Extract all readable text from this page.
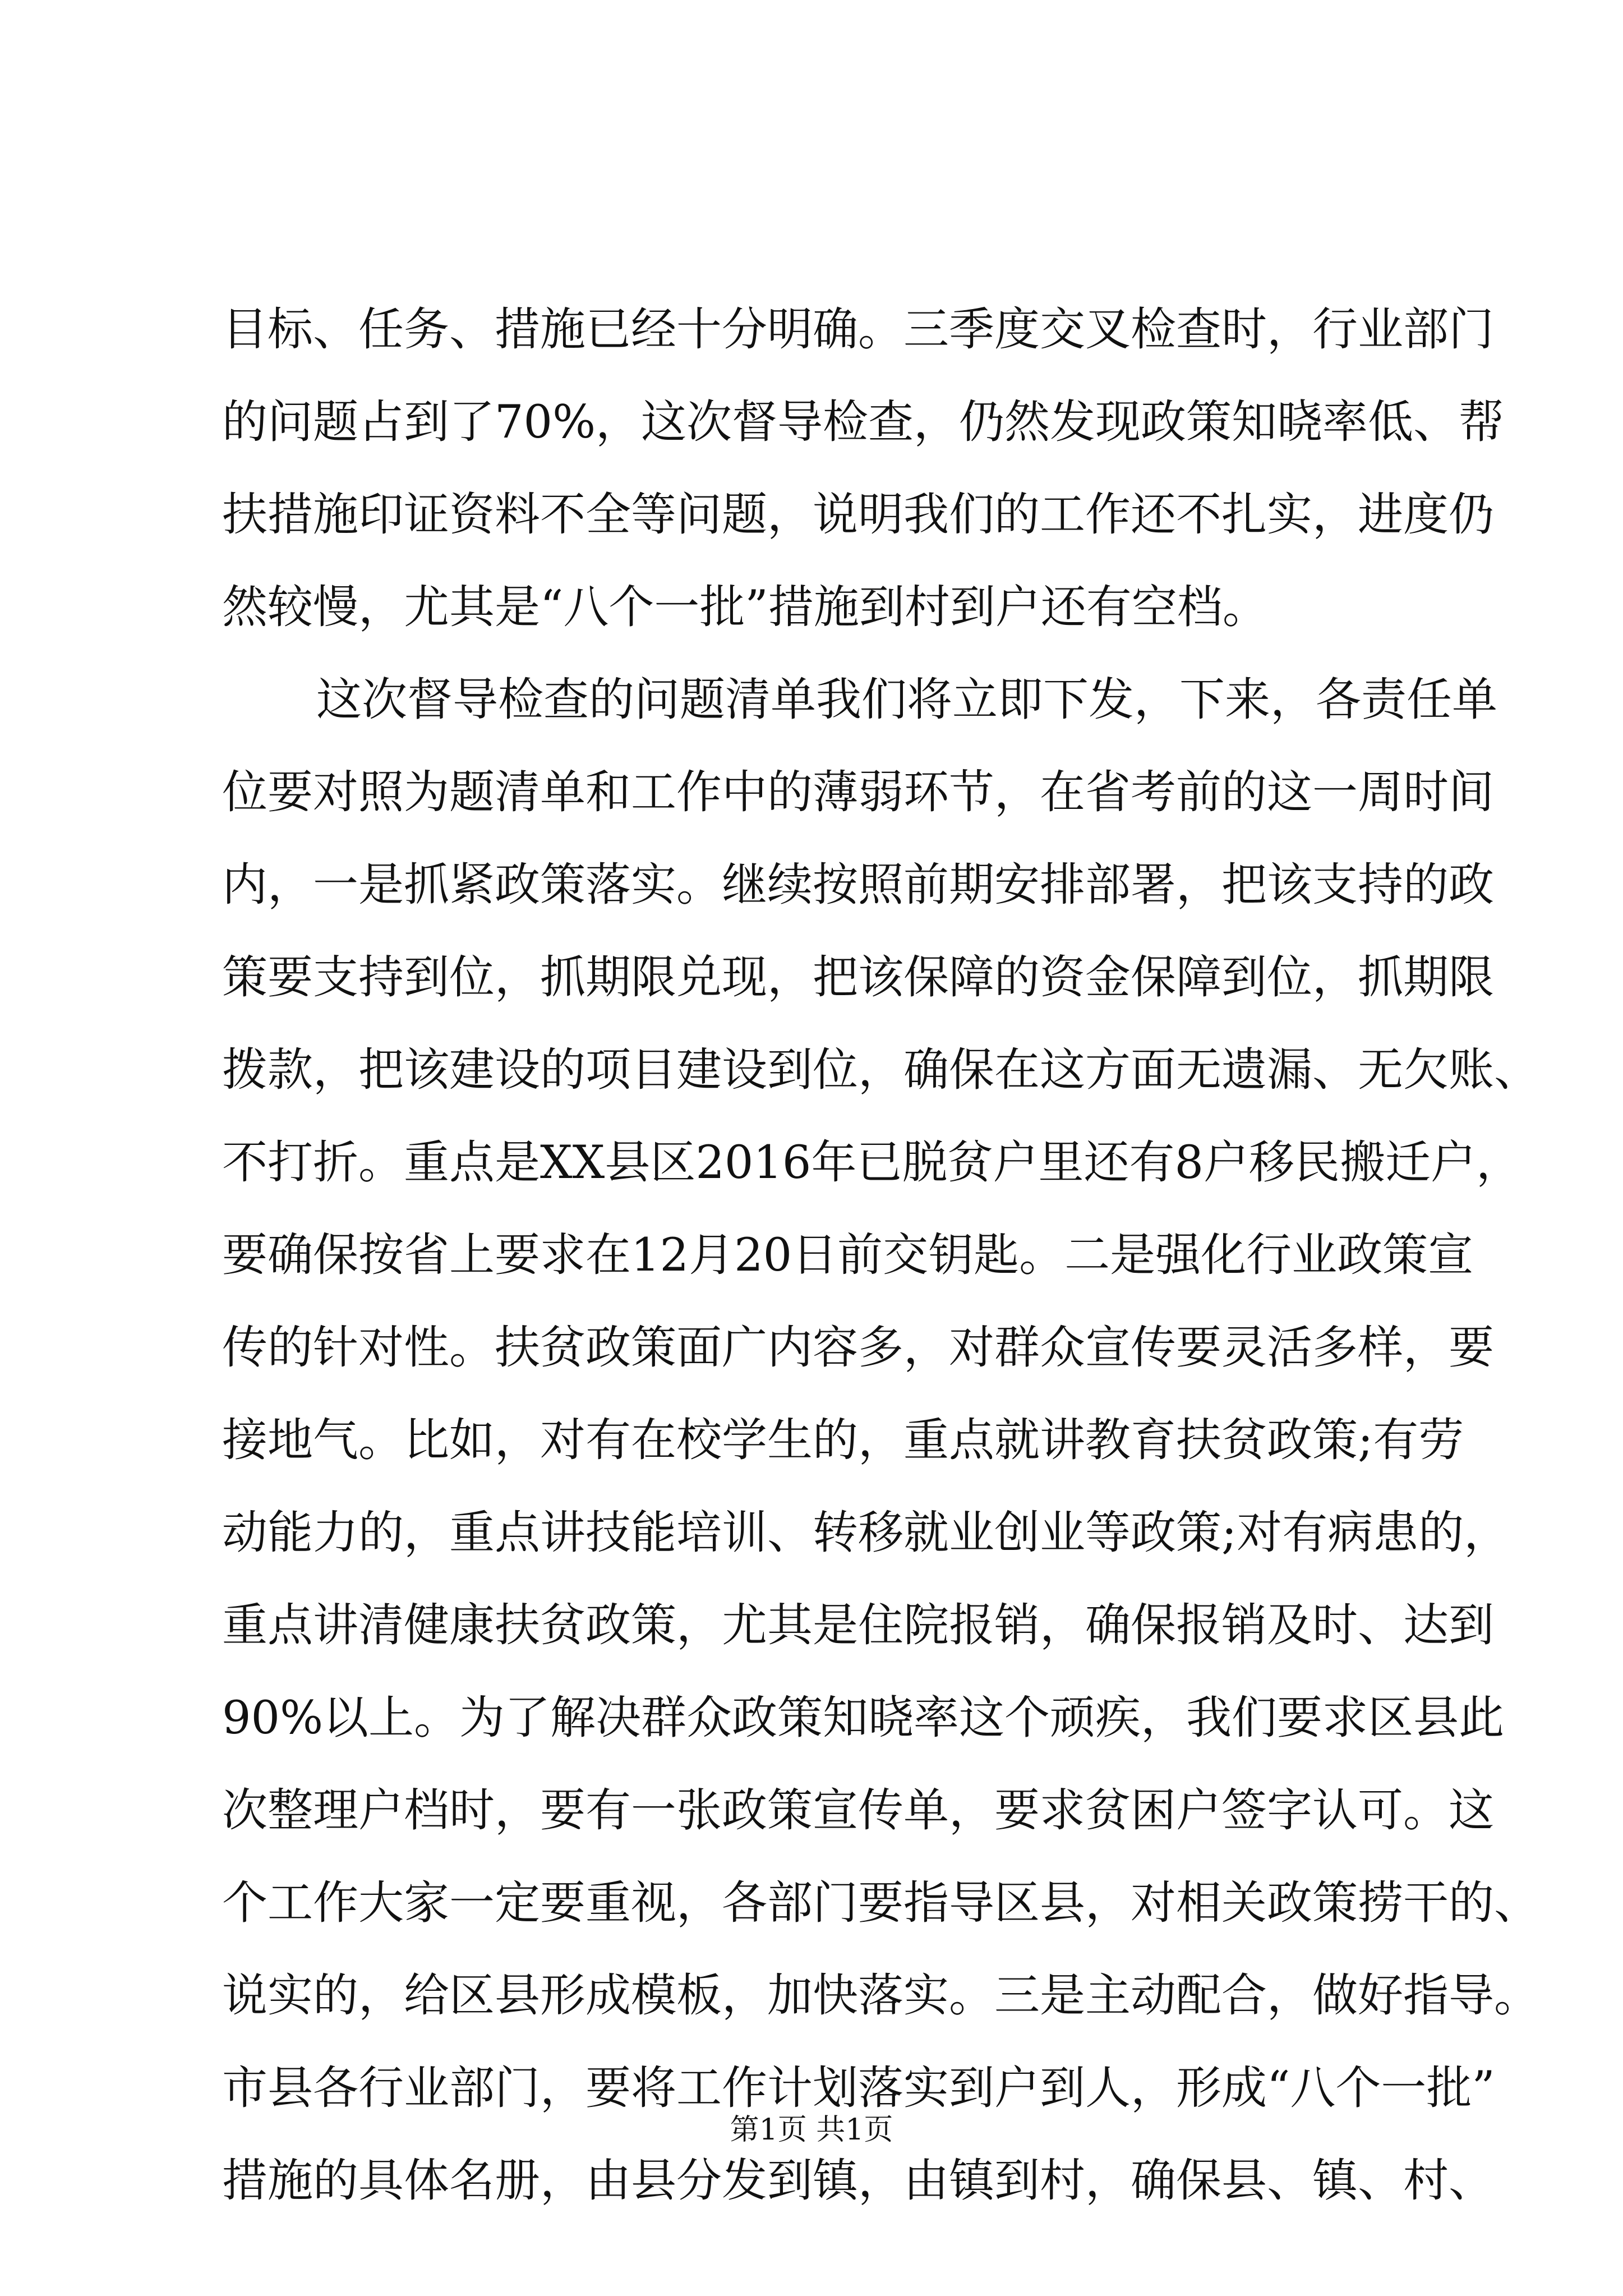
目标、任务、措施已经十分明确。三季度交叉检查时，行业部门
的问题占到了70%，这次督导检查，仍然发现政策知晓率低、帮
扶措施印证资料不全等问题，说明我们的工作还不扎实，进度仍
然较慢，尤其是“八个一批”措施到村到户还有空档。
这次督导检查的问题清单我们将立即下发，下来，各责任单
位要对照为题清单和工作中的薄弱环节，在省考前的这一周时间
内，一是抓紧政策落实。继续按照前期安排部署，把该支持的政
策要支持到位，抓期限兑现，把该保障的资金保障到位，抓期限
拨款，把该建设的项目建设到位，确保在这方面无遗漏、无欠账、
不打折。重点是XX县区2016年已脱贫户里还有8户移民搬迁户，
要确保按省上要求在12月20日前交钥匙。二是强化行业政策宣
传的针对性。扶贫政策面广内容多，对群众宣传要灵活多样，要
接地气。比如，对有在校学生的，重点就讲教育扶贫政策;有劳
动能力的，重点讲技能培训、转移就业创业等政策;对有病患的，
重点讲清健康扶贫政策，尤其是住院报销，确保报销及时、达到
90%以上。为了解决群众政策知晓率这个顽疾，我们要求区县此
次整理户档时，要有一张政策宣传单，要求贫困户签字认可。这
个工作大家一定要重视，各部门要指导区县，对相关政策捞干的、
说实的，给区县形成模板，加快落实。三是主动配合，做好指导。
市县各行业部门，要将工作计划落实到户到人，形成“八个一批”
措施的具体名册，由县分发到镇，由镇到村，确保县、镇、村、
第1页 共1页
